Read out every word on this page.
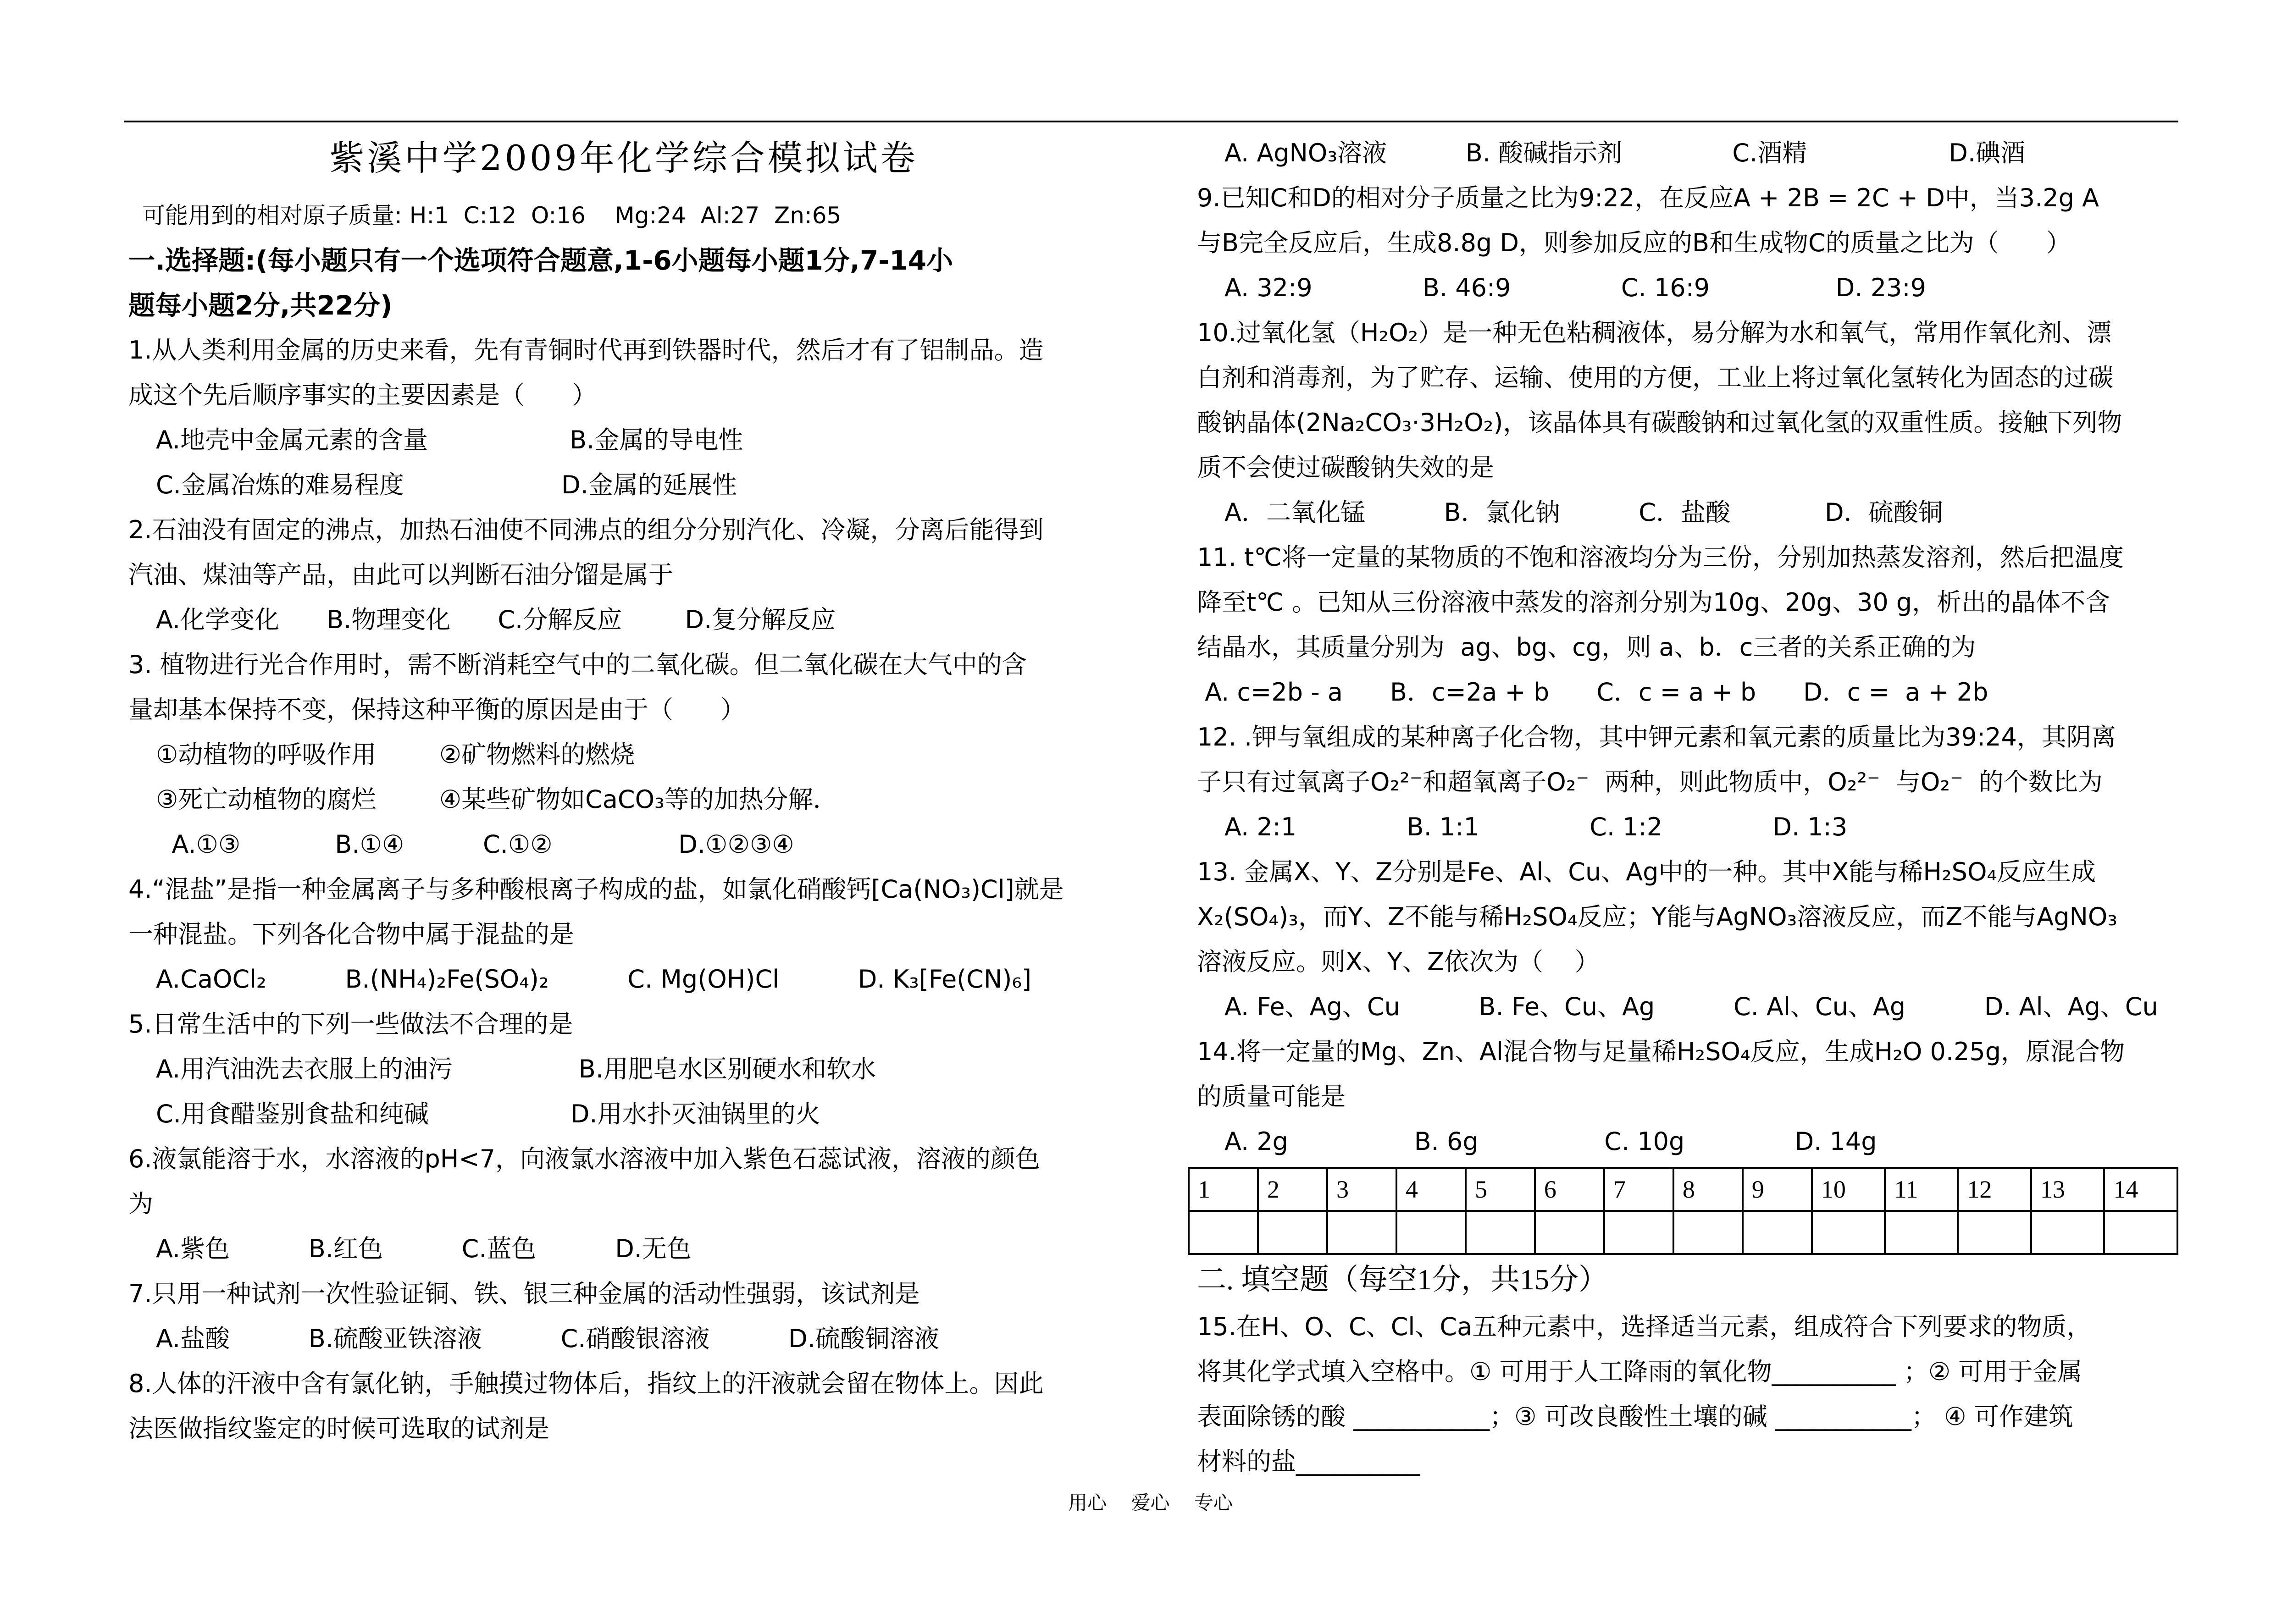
紫溪中学2009年化学综合模拟试卷
可能用到的相对原子质量: H:1  C:12  O:16    Mg:24  Al:27  Zn:65
一.选择题:(每小题只有一个选项符合题意,1-6小题每小题1分,7-14小
题每小题2分,共22分)
1.从人类利用金属的历史来看，先有青铜时代再到铁器时代，然后才有了铝制品。造
成这个先后顺序事实的主要因素是（      ）
A.地壳中金属元素的含量                  B.金属的导电性
C.金属冶炼的难易程度                    D.金属的延展性
2.石油没有固定的沸点，加热石油使不同沸点的组分分别汽化、冷凝，分离后能得到
汽油、煤油等产品，由此可以判断石油分馏是属于
A.化学变化      B.物理变化      C.分解反应        D.复分解反应
3. 植物进行光合作用时，需不断消耗空气中的二氧化碳。但二氧化碳在大气中的含
量却基本保持不变，保持这种平衡的原因是由于（      ）
①动植物的呼吸作用        ②矿物燃料的燃烧
③死亡动植物的腐烂        ④某些矿物如CaCO₃等的加热分解．
A.①③            B.①④          C.①②                D.①②③④
4.“混盐”是指一种金属离子与多种酸根离子构成的盐，如氯化硝酸钙[Ca(NO₃)Cl]就是
一种混盐。下列各化合物中属于混盐的是
A.CaOCl₂          B.(NH₄)₂Fe(SO₄)₂          C. Mg(OH)Cl          D. K₃[Fe(CN)₆]
5.日常生活中的下列一些做法不合理的是
A.用汽油洗去衣服上的油污                B.用肥皂水区别硬水和软水
C.用食醋鉴别食盐和纯碱                  D.用水扑灭油锅里的火
6.液氯能溶于水，水溶液的pH<7，向液氯水溶液中加入紫色石蕊试液，溶液的颜色
为
A.紫色          B.红色          C.蓝色          D.无色
7.只用一种试剂一次性验证铜、铁、银三种金属的活动性强弱，该试剂是
A.盐酸          B.硫酸亚铁溶液          C.硝酸银溶液          D.硫酸铜溶液
8.人体的汗液中含有氯化钠，手触摸过物体后，指纹上的汗液就会留在物体上。因此
法医做指纹鉴定的时候可选取的试剂是
A. AgNO₃溶液          B. 酸碱指示剂              C.酒精                  D.碘酒
9.已知C和D的相对分子质量之比为9:22，在反应A + 2B = 2C + D中，当3.2g A
与B完全反应后，生成8.8g D，则参加反应的B和生成物C的质量之比为（      ）
A. 32:9              B. 46:9              C. 16:9                D. 23:9
10.过氧化氢（H₂O₂）是一种无色粘稠液体，易分解为水和氧气，常用作氧化剂、漂
白剂和消毒剂，为了贮存、运输、使用的方便，工业上将过氧化氢转化为固态的过碳
酸钠晶体(2Na₂CO₃·3H₂O₂)，该晶体具有碳酸钠和过氧化氢的双重性质。接触下列物
质不会使过碳酸钠失效的是
A．二氧化锰          B．氯化钠          C．盐酸            D．硫酸铜
11. t℃将一定量的某物质的不饱和溶液均分为三份，分别加热蒸发溶剂，然后把温度
降至t℃ 。已知从三份溶液中蒸发的溶剂分别为10g、20g、30 g，析出的晶体不含
结晶水，其质量分别为  ag、bg、cg，则 a、b．c三者的关系正确的为
A. c=2b - a      B．c=2a + b      C．c = a + b      D．c =  a + 2b
12. .钾与氧组成的某种离子化合物，其中钾元素和氧元素的质量比为39:24，其阴离
子只有过氧离子O₂²⁻和超氧离子O₂⁻  两种，则此物质中，O₂²⁻  与O₂⁻  的个数比为
A. 2:1              B. 1:1              C. 1:2              D. 1:3
13. 金属X、Y、Z分别是Fe、Al、Cu、Ag中的一种。其中X能与稀H₂SO₄反应生成
X₂(SO₄)₃，而Y、Z不能与稀H₂SO₄反应；Y能与AgNO₃溶液反应，而Z不能与AgNO₃
溶液反应。则X、Y、Z依次为（    ）
A. Fe、Ag、Cu          B. Fe、Cu、Ag          C. Al、Cu、Ag          D. Al、Ag、Cu
14.将一定量的Mg、Zn、Al混合物与足量稀H₂SO₄反应，生成H₂O 0.25g，原混合物
的质量可能是
A. 2g                B. 6g                C. 10g              D. 14g
1	2	3	4	5	6	7	8	9	10	11	12	13	14

二. 填空题（每空1分，共15分）
15.在H、O、C、Cl、Ca五种元素中，选择适当元素，组成符合下列要求的物质，
将其化学式填入空格中。① 可用于人工降雨的氧化物__________ ；② 可用于金属
表面除锈的酸 ___________；③ 可改良酸性土壤的碱 ___________； ④ 可作建筑
材料的盐__________
用心 爱心 专心
